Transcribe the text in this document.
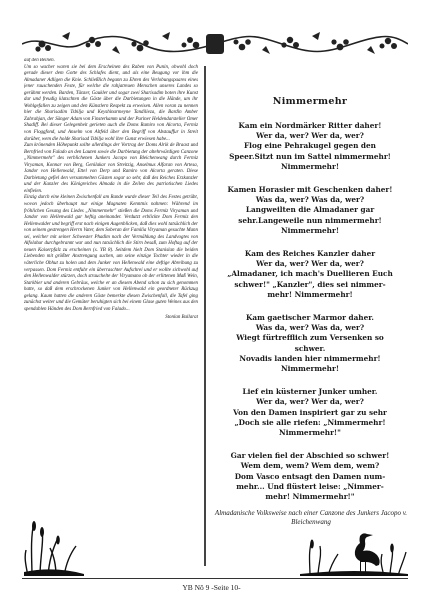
auf den Beinen.

Um so wacher waren sie bei dem Erscheinen des Raben von Punin, obwohl doch gerade dieser dem Gotte des Schlafes dient, und als eine Beugung vor ihm die Almadaner Adligen die Knie. Schließlich begann zu Ehren des Verlobungspaares eines jener rauschenden Feste, für welche die rahjatreuen Menschen unseres Landes so gerühmt werden. Barden, Tänzer, Gaukler und sogar zwei Sharisadim boten ihre Kunst dar und freudig klatschten die Gäste über die Darbietungen in die Hände, um ihr Wohlgefallen zu zeigen und den Künstlern Respekt zu erweisen. Allen voran zu nennen hier die Sharisadim Tsbilja und Keyshinarmeyne Tandilieza, die Bardin Amber Zahrahjan, der Sänger Adam von Finsterkamm und der Puriner Heldendarsteller Omer Shadiff. Bei dieser Gelegenheit gerieten auch die Doms Ramiro von Alcorta, Fermiz von Floggfond, und Anselm von Altfeld über den Begriff von Abstauffur in Streit darüber, wem die holde Sharisad Tsbilja wohl ihre Gunst erwiesen habe...

Zum krönenden Höhepunkt sollte allerdings der Vortrag der Doms Alrik de Braast und Bernfried von Falado an den Lauten sowie die Darbietung der altehrwürdigen Canzone „Nimmermehr" des verblichenen Junkers Jacopo von Bleichenwang durch Fermiz Viryaman, Konnar von Berg, Genilakar von Streitzig, Anselmus Alfaran von Artesa, Jandor von Hellenwald, Ettel von Derp und Ramiro von Alcorta geraten. Diese Darbietung gefiel den versammelten Gästen sogar so sehr, daß des Reiches Erzkanzler und der Kanzler des Königreiches Almada in die Zeilen des patriotischen Liedes einfielen.

Einzig durch eine kleinen Zwischenfall am Rande wurde dieser Teil des Festes getrübt, wovon jedoch überhaupt nur einige Magnaten Kenntnis nahmen: Während im fröhlichen Gesang des Liedes „Nimmermehr" stießen die Doms Fermiz Viryaman und Jandor von Hellenwald gar heftig aneinander. Verdutzt erblickte Dom Fermiz den Hellenwalder und begriff erst nach einigen Augenblicken, daß dies wohl tatsächlich der von seinem gestrengen Herrn Vater, dem Soberan der Familia Viryaman gesuchte Mann sei, welcher mit seiner Schwester Phadim nach der Vermählung des Landvogtes von Alfolahur durchgebrannt war und nun tatsächlich die Stirn besaß, zum Hoftag auf der neuen Kaiserpfalz zu erscheinen (s. YB 8). Seitdem hielt Dom Stanislan die beiden Liebenden mit größter Anstrengung suchen, um seine einzige Tochter wieder in die väterliche Obhut zu holen und dem Junker von Hellenwald eine deftige Abreibung zu verpassen. Dom Fermiz entfuhr ein überraschter Aufschrei und er wollte sichwohl auf den Hellenwalder stürzen, doch strauchelte der Viryamano ob der erlittenen Maß Wein, Starkbier und anderen Gebräus, welche er an diesem Abend schon zu sich genommen hatte, so daß dem erschrockenen Junker von Hellenwald ein geordneter Rückzug gelang. Kaum hatten die anderen Gäste bemerkte diesen Zwischenfall, die Tafel ging zunächst weiter und die Gemüter beruhigten sich bei einem Glase guten Weines aus den spendablen Händen des Dom Bernfried von Falado...

Stonlan Ballarat

Nimmermehr
Kam ein Nordmärker Ritter daher!
Wer da, wer? Wer da, wer?
Flog eine Pehrakugel gegen den
Speer.Sitzt nun im Sattel nimmermehr!
Nimmermehr!
Kamen Horasier mit Geschenken daher!
Was da, wer? Was da, wer?
Langweilten die Almadaner gar
sehr.Langeweile nun nimmermehr!
Nimmermehr!
Kam des Reiches Kanzler daher
Wer da, wer? Wer da, wer?
„Almadaner, ich mach's Duellieren Euch
schwer!" „Kanzler", dies sei nimmer-
mehr! Nimmermehr!
Kam gaetischer Marmor daher.
Was da, wer? Was da, wer?
Wiegt fürtrefflich zum Versenken so
schwer.
Novadis landen hier nimmermehr!
Nimmermehr!
Lief ein küsterner Junker umher.
Wer da, wer? Wer da, wer?
Von den Damen inspiriert gar zu sehr
„Doch sie alle riefen: „Nimmermehr!
Nimmermehr!"
Gar vielen fiel der Abschied so schwer!
Wem dem, wem? Wem dem, wem?
Dom Vasco entsagt den Damen num-
mehr... Und flüstert leise: „Nimmer-
mehr! Nimmermehr!"
Almadanische Volksweise nach einer Canzone des Junkers Jacopo v. Bleichenwang
YB Nõ 9 -Seite 10-
